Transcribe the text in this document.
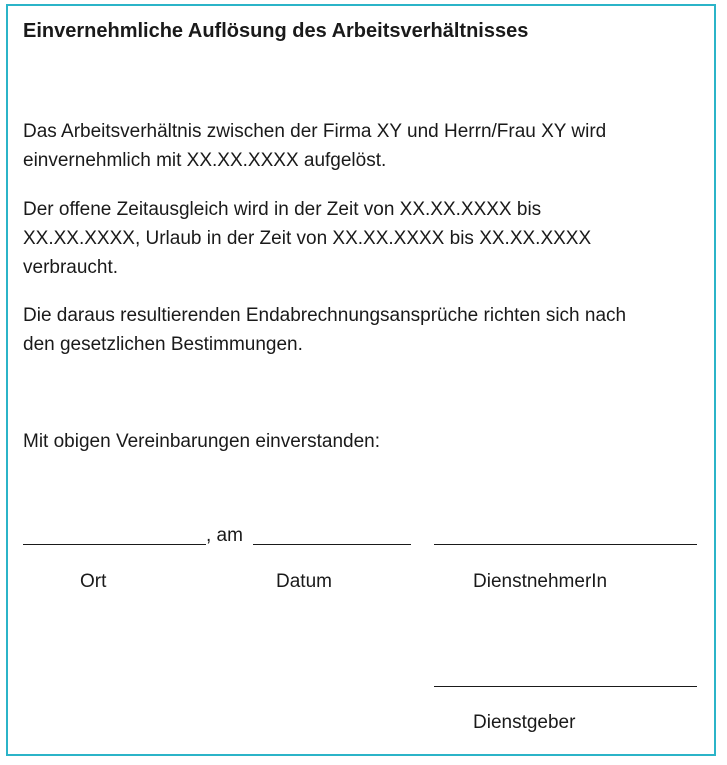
Einvernehmliche Auflösung des Arbeitsverhältnisses
Das Arbeitsverhältnis zwischen der Firma XY und Herrn/Frau XY wird einvernehmlich mit XX.XX.XXXX aufgelöst.
Der offene Zeitausgleich wird in der Zeit von XX.XX.XXXX bis XX.XX.XXXX, Urlaub in der Zeit von XX.XX.XXXX bis XX.XX.XXXX verbraucht.
Die daraus resultierenden Endabrechnungsansprüche richten sich nach den gesetzlichen Bestimmungen.
Mit obigen Vereinbarungen einverstanden:
, am
Ort	Datum	DienstnehmerIn
Dienstgeber
